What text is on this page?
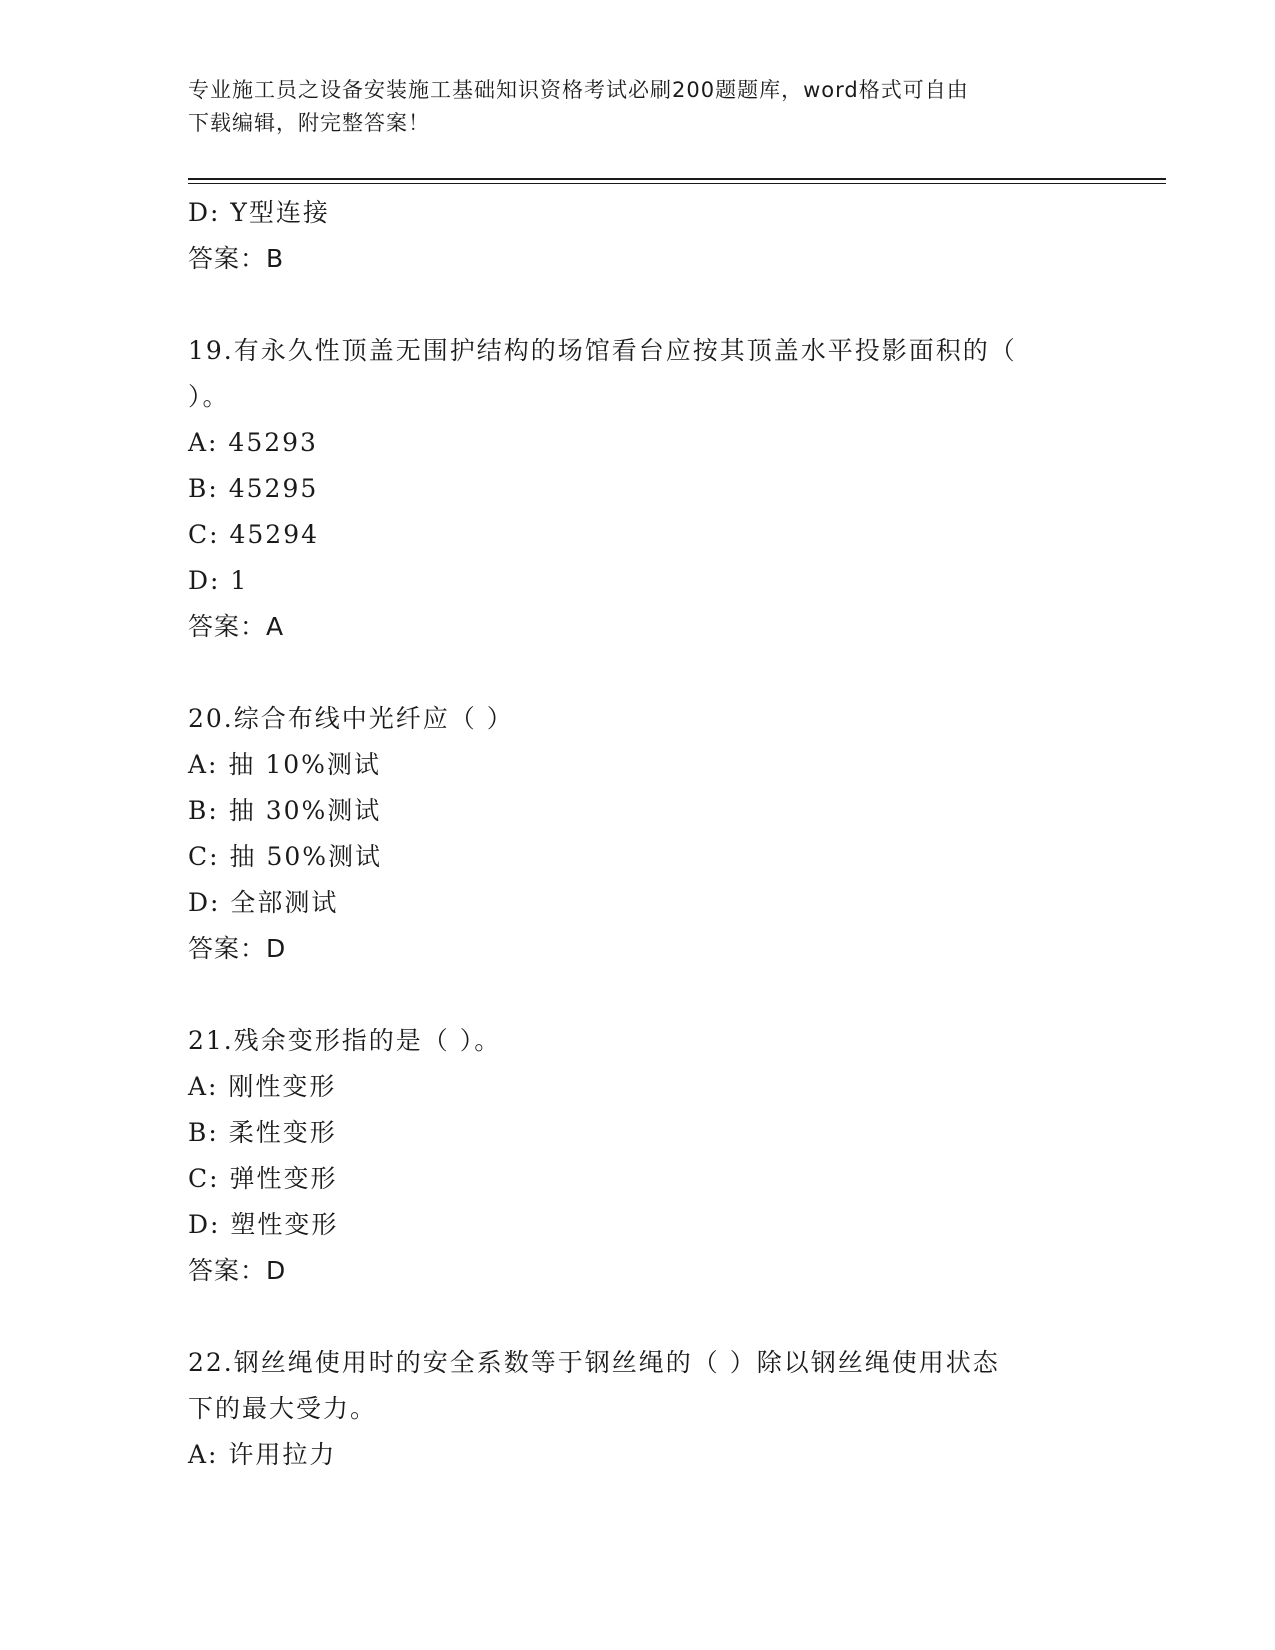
专业施工员之设备安装施工基础知识资格考试必刷200题题库，word格式可自由
下载编辑，附完整答案！
D: Y型连接
答案：B
19.有永久性顶盖无围护结构的场馆看台应按其顶盖水平投影面积的（
）。
A: 45293
B: 45295
C: 45294
D: 1
答案：A
20.综合布线中光纤应（ ）
A: 抽 10%测试
B: 抽 30%测试
C: 抽 50%测试
D: 全部测试
答案：D
21.残余变形指的是（ ）。
A: 刚性变形
B: 柔性变形
C: 弹性变形
D: 塑性变形
答案：D
22.钢丝绳使用时的安全系数等于钢丝绳的（ ）除以钢丝绳使用状态
下的最大受力。
A: 许用拉力
